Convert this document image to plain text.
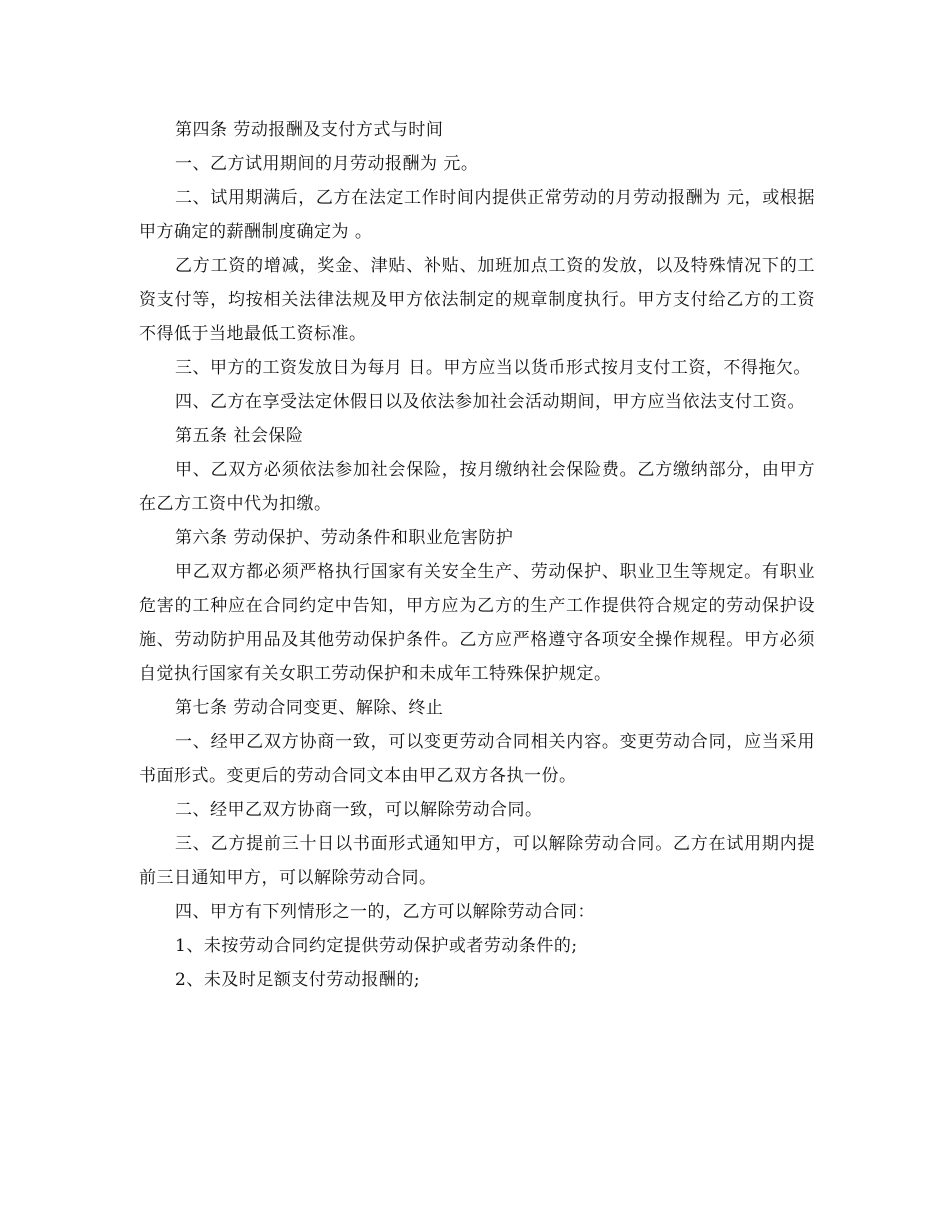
第四条 劳动报酬及支付方式与时间

一、乙方试用期间的月劳动报酬为 元。

二、试用期满后，乙方在法定工作时间内提供正常劳动的月劳动报酬为 元，或根据甲方确定的薪酬制度确定为 。

乙方工资的增减，奖金、津贴、补贴、加班加点工资的发放，以及特殊情况下的工资支付等，均按相关法律法规及甲方依法制定的规章制度执行。甲方支付给乙方的工资不得低于当地最低工资标准。

三、甲方的工资发放日为每月 日。甲方应当以货币形式按月支付工资，不得拖欠。

四、乙方在享受法定休假日以及依法参加社会活动期间，甲方应当依法支付工资。

第五条 社会保险

甲、乙双方必须依法参加社会保险，按月缴纳社会保险费。乙方缴纳部分，由甲方在乙方工资中代为扣缴。

第六条 劳动保护、劳动条件和职业危害防护

甲乙双方都必须严格执行国家有关安全生产、劳动保护、职业卫生等规定。有职业危害的工种应在合同约定中告知，甲方应为乙方的生产工作提供符合规定的劳动保护设施、劳动防护用品及其他劳动保护条件。乙方应严格遵守各项安全操作规程。甲方必须自觉执行国家有关女职工劳动保护和未成年工特殊保护规定。

第七条 劳动合同变更、解除、终止

一、经甲乙双方协商一致，可以变更劳动合同相关内容。变更劳动合同，应当采用书面形式。变更后的劳动合同文本由甲乙双方各执一份。

二、经甲乙双方协商一致，可以解除劳动合同。

三、乙方提前三十日以书面形式通知甲方，可以解除劳动合同。乙方在试用期内提前三日通知甲方，可以解除劳动合同。

四、甲方有下列情形之一的，乙方可以解除劳动合同：

1、未按劳动合同约定提供劳动保护或者劳动条件的;

2、未及时足额支付劳动报酬的;
